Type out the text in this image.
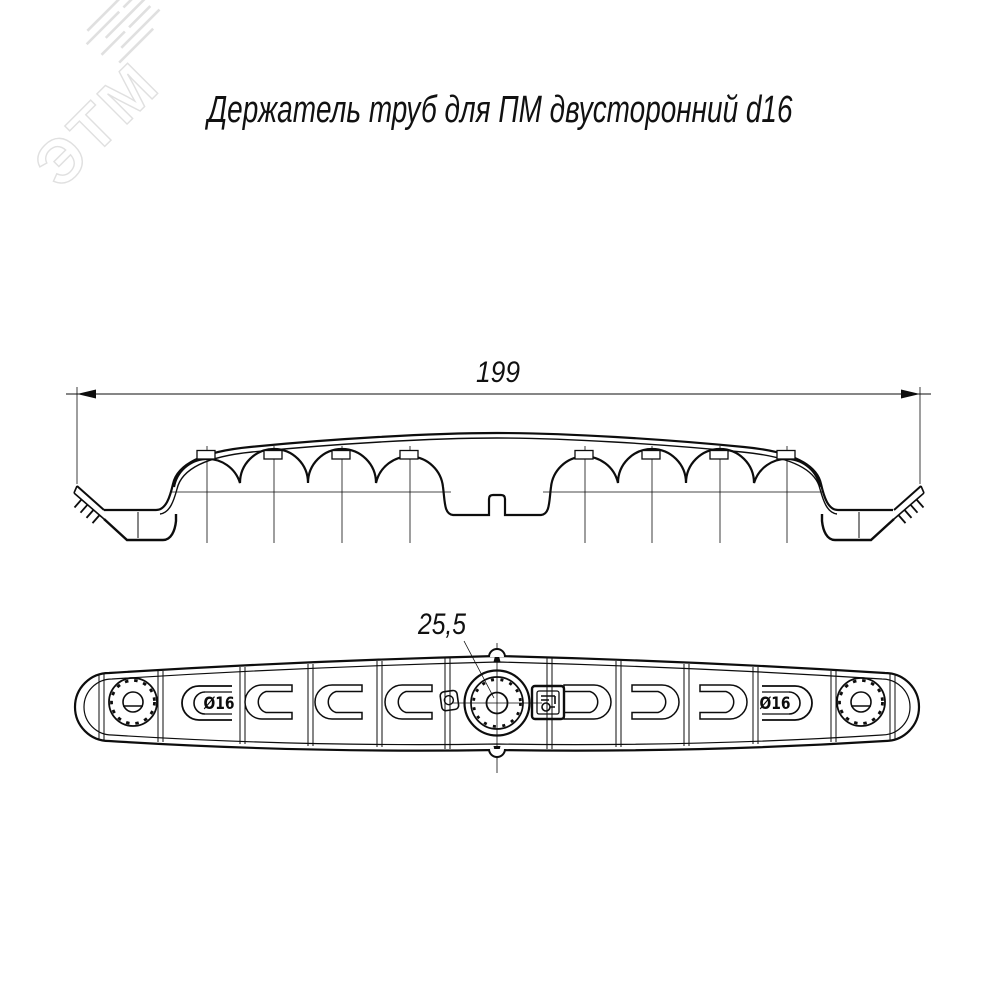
ЭТМ Держатель труб для ПМ двусторонний d16
199
25,5
Ø16	Ø16
